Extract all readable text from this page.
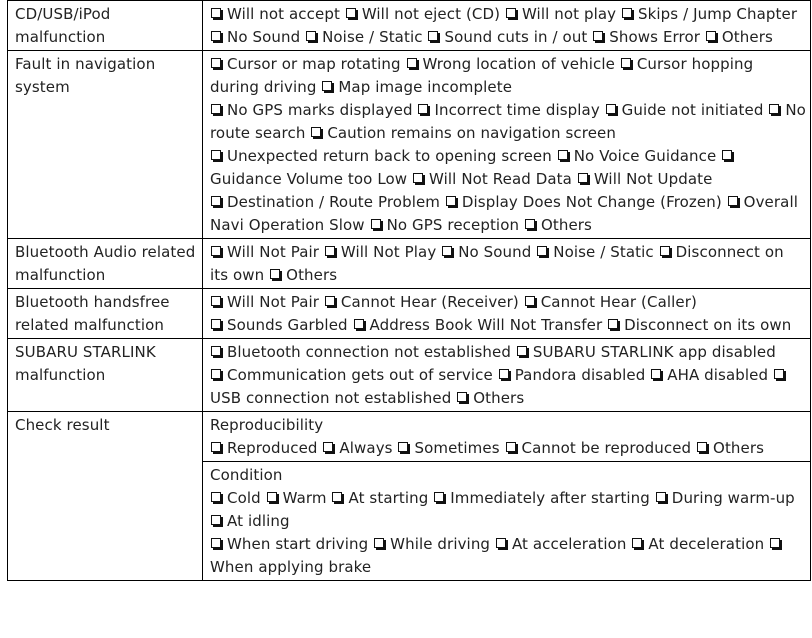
CD/USB/iPod malfunction	Will not accept Will not eject (CD) Will not play Skips / Jump Chapter
No Sound Noise / Static Sound cuts in / out Shows Error Others

Fault in navigation system	Cursor or map rotating Wrong location of vehicle Cursor hopping during driving Map image incomplete
No GPS marks displayed Incorrect time display Guide not initiated No route search Caution remains on navigation screen
Unexpected return back to opening screen No Voice Guidance Guidance Volume too Low Will Not Read Data Will Not Update
Destination / Route Problem Display Does Not Change (Frozen) Overall Navi Operation Slow No GPS reception Others

Bluetooth Audio related malfunction	Will Not Pair Will Not Play No Sound Noise / Static Disconnect on its own Others

Bluetooth handsfree related malfunction	Will Not Pair Cannot Hear (Receiver) Cannot Hear (Caller)
Sounds Garbled Address Book Will Not Transfer Disconnect on its own

SUBARU STARLINK malfunction	Bluetooth connection not established SUBARU STARLINK app disabled
Communication gets out of service Pandora disabled AHA disabled USB connection not established Others

Check result	Reproducibility
Reproduced Always Sometimes Cannot be reproduced Others

	Condition
Cold Warm At starting Immediately after starting During warm-up At idling
When start driving While driving At acceleration At deceleration When applying brake
